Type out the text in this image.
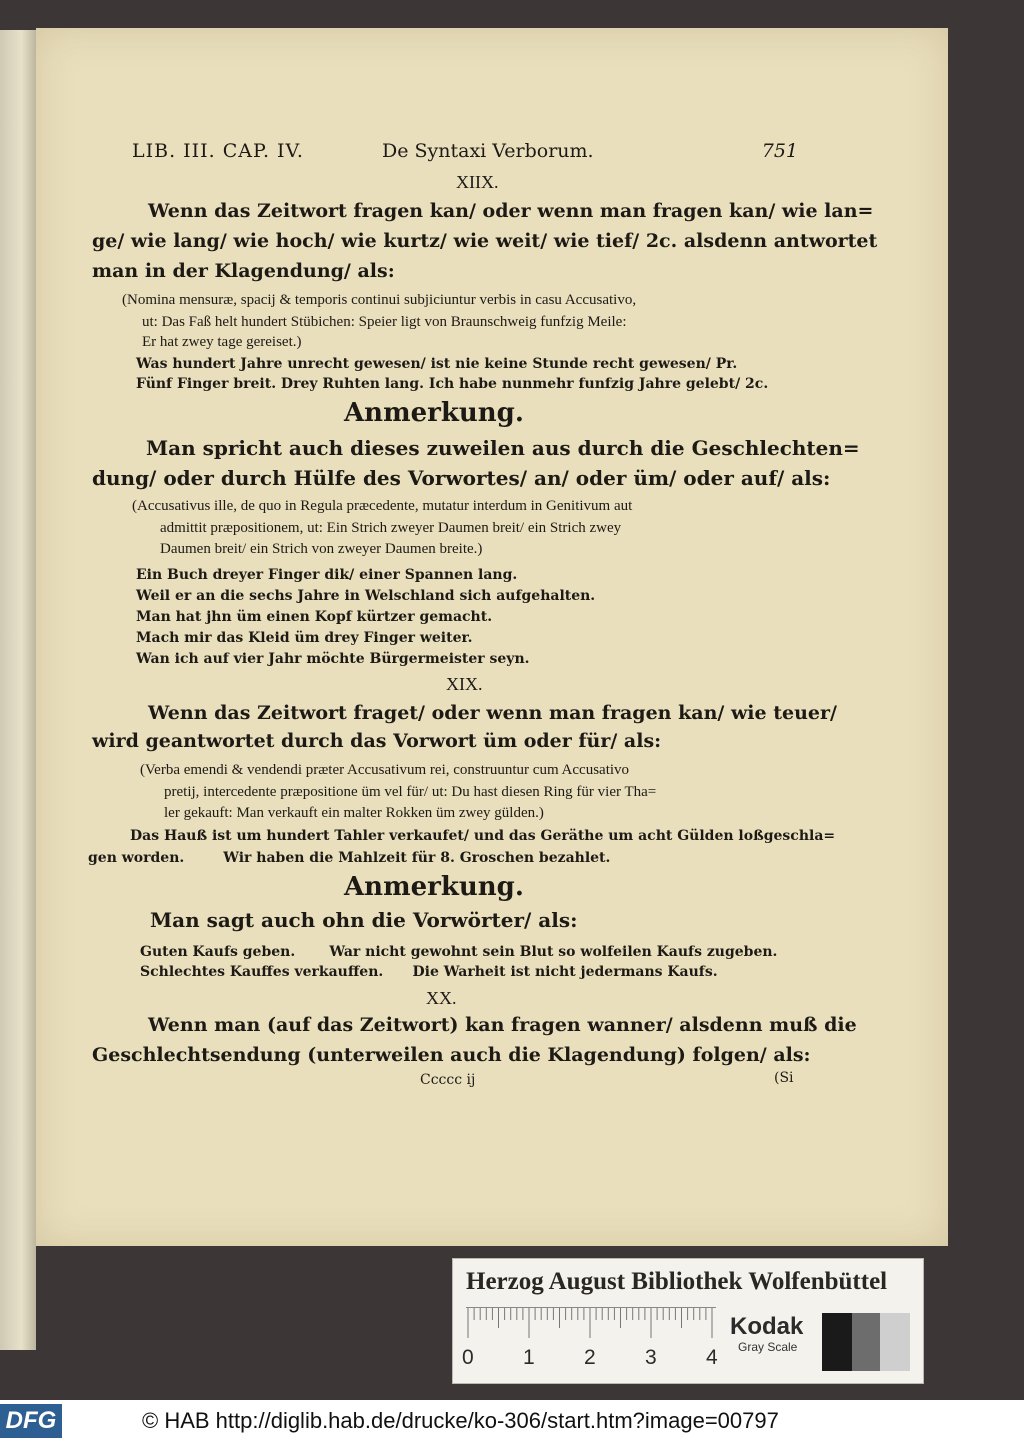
LIB. III. CAP. IV.	De Syntaxi Verborum.	751
XIIX.
Wenn das Zeitwort fragen kan/ oder wenn man fragen kan/ wie lan=
ge/ wie lang/ wie hoch/ wie kurtz/ wie weit/ wie tief/ 2c. alsdenn antwortet
man in der Klagendung/ als:
(Nomina mensuræ, spacij & temporis continui subjiciuntur verbis in casu Accusativo,
ut: Das Faß helt hundert Stübichen: Speier ligt von Braunschweig funfzig Meile:
Er hat zwey tage gereiset.)
Was hundert Jahre unrecht gewesen/ ist nie keine Stunde recht gewesen/ Pr.
Fünf Finger breit. Drey Ruhten lang. Ich habe nunmehr funfzig Jahre gelebt/ 2c.
Anmerkung.
Man spricht auch dieses zuweilen aus durch die Geschlechten=
dung/ oder durch Hülfe des Vorwortes/ an/ oder üm/ oder auf/ als:
(Accusativus ille, de quo in Regula præcedente, mutatur interdum in Genitivum aut
admittit præpositionem, ut: Ein Strich zweyer Daumen breit/ ein Strich zwey
Daumen breit/ ein Strich von zweyer Daumen breite.)
Ein Buch dreyer Finger dik/ einer Spannen lang.
Weil er an die sechs Jahre in Welschland sich aufgehalten.
Man hat jhn üm einen Kopf kürtzer gemacht.
Mach mir das Kleid üm drey Finger weiter.
Wan ich auf vier Jahr möchte Bürgermeister seyn.
XIX.
Wenn das Zeitwort fraget/ oder wenn man fragen kan/ wie teuer/
wird geantwortet durch das Vorwort üm oder für/ als:
(Verba emendi & vendendi præter Accusativum rei, construuntur cum Accusativo
pretij, intercedente præpositione üm vel für/ ut: Du hast diesen Ring für vier Tha=
ler gekauft: Man verkauft ein malter Rokken üm zwey gülden.)
Das Hauß ist um hundert Tahler verkaufet/ und das Geräthe um acht Gülden loßgeschla=
gen worden.        Wir haben die Mahlzeit für 8. Groschen bezahlet.
Anmerkung.
Man sagt auch ohn die Vorwörter/ als:
Guten Kaufs geben.       War nicht gewohnt sein Blut so wolfeilen Kaufs zugeben.
Schlechtes Kauffes verkauffen.      Die Warheit ist nicht jedermans Kaufs.
XX.
Wenn man (auf das Zeitwort) kan fragen wanner/ alsdenn muß die
Geschlechtsendung (unterweilen auch die Klagendung) folgen/ als:
Ccccc ij	(Si
Herzog August Bibliothek Wolfenbüttel
0 1 2 3 4
Kodak
Gray Scale
DFG	© HAB http://diglib.hab.de/drucke/ko-306/start.htm?image=00797
